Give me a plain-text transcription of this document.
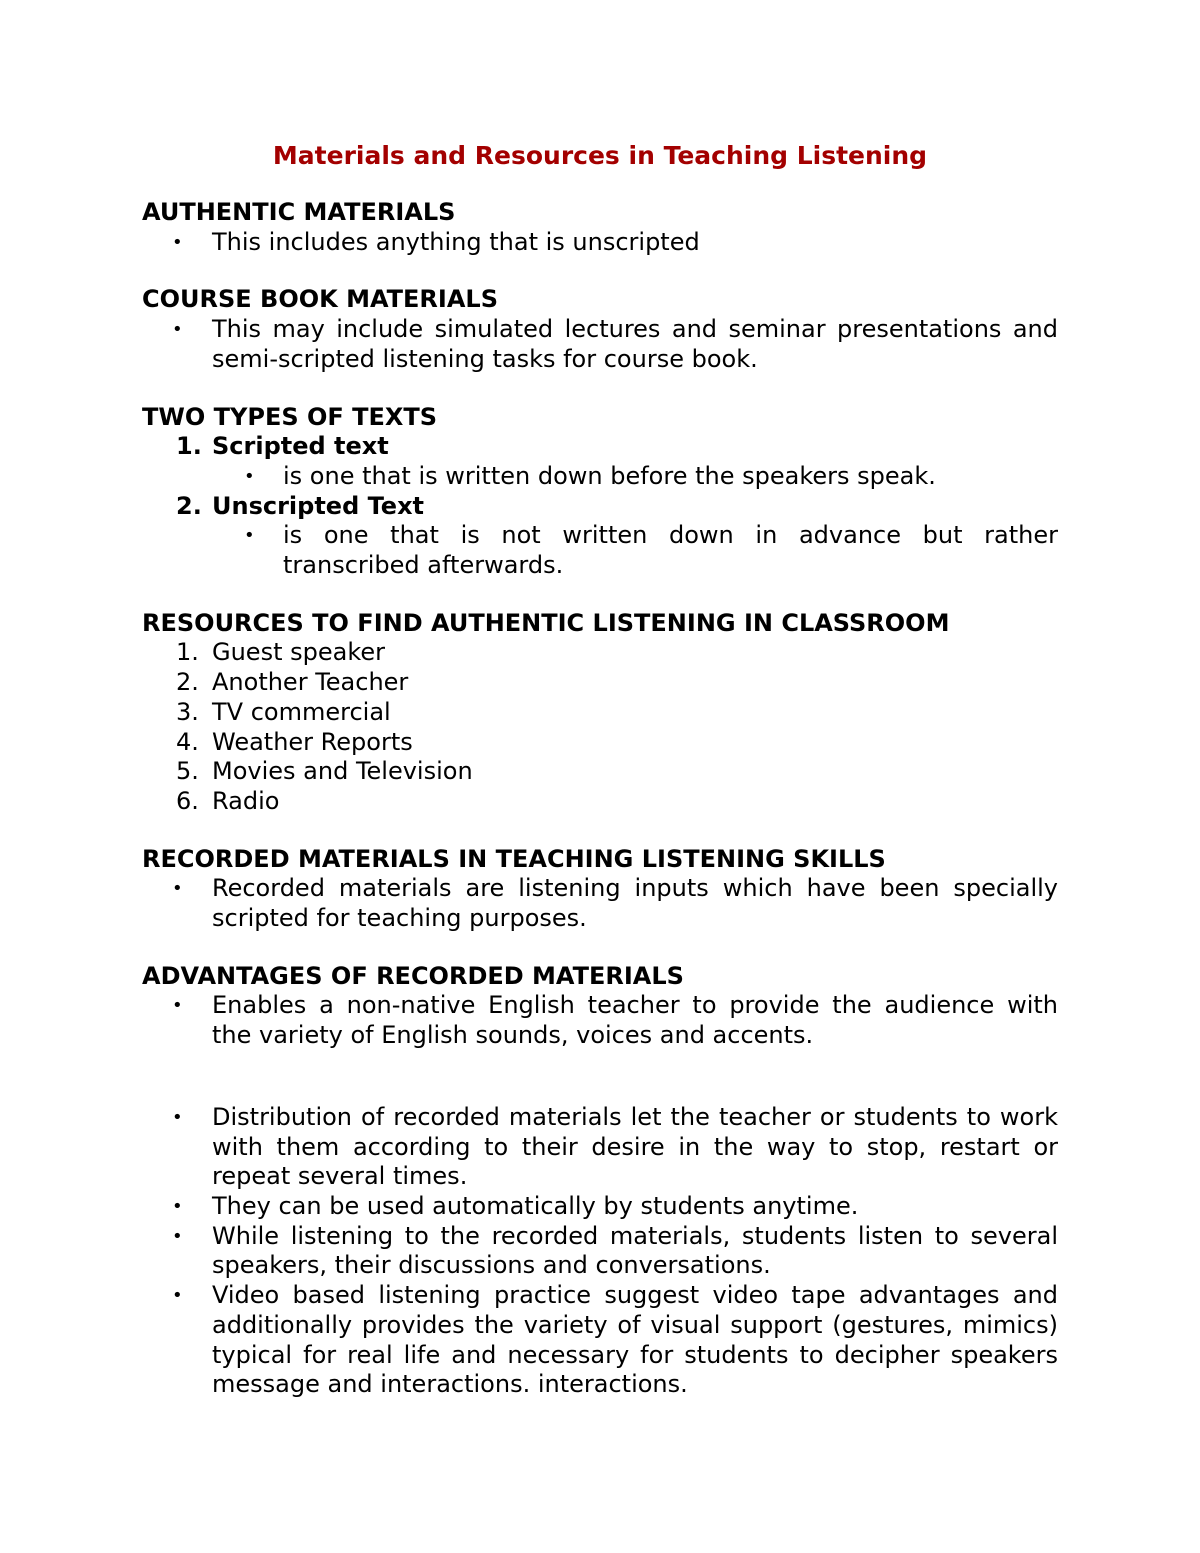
Materials and Resources in Teaching Listening
AUTHENTIC MATERIALS
• This includes anything that is unscripted
COURSE BOOK MATERIALS
• This may include simulated lectures and seminar presentations and semi-scripted listening tasks for course book.
TWO TYPES OF TEXTS
1. Scripted text
• is one that is written down before the speakers speak.
2. Unscripted Text
• is one that is not written down in advance but rather transcribed afterwards.
RESOURCES TO FIND AUTHENTIC LISTENING IN CLASSROOM
1. Guest speaker
2. Another Teacher
3. TV commercial
4. Weather Reports
5. Movies and Television
6. Radio
RECORDED MATERIALS IN TEACHING LISTENING SKILLS
• Recorded materials are listening inputs which have been specially scripted for teaching purposes.
ADVANTAGES OF RECORDED MATERIALS
• Enables a non-native English teacher to provide the audience with the variety of English sounds, voices and accents.
• Distribution of recorded materials let the teacher or students to work with them according to their desire in the way to stop, restart or repeat several times.
• They can be used automatically by students anytime.
• While listening to the recorded materials, students listen to several speakers, their discussions and conversations.
• Video based listening practice suggest video tape advantages and additionally provides the variety of visual support (gestures, mimics) typical for real life and necessary for students to decipher speakers message and interactions. interactions.
